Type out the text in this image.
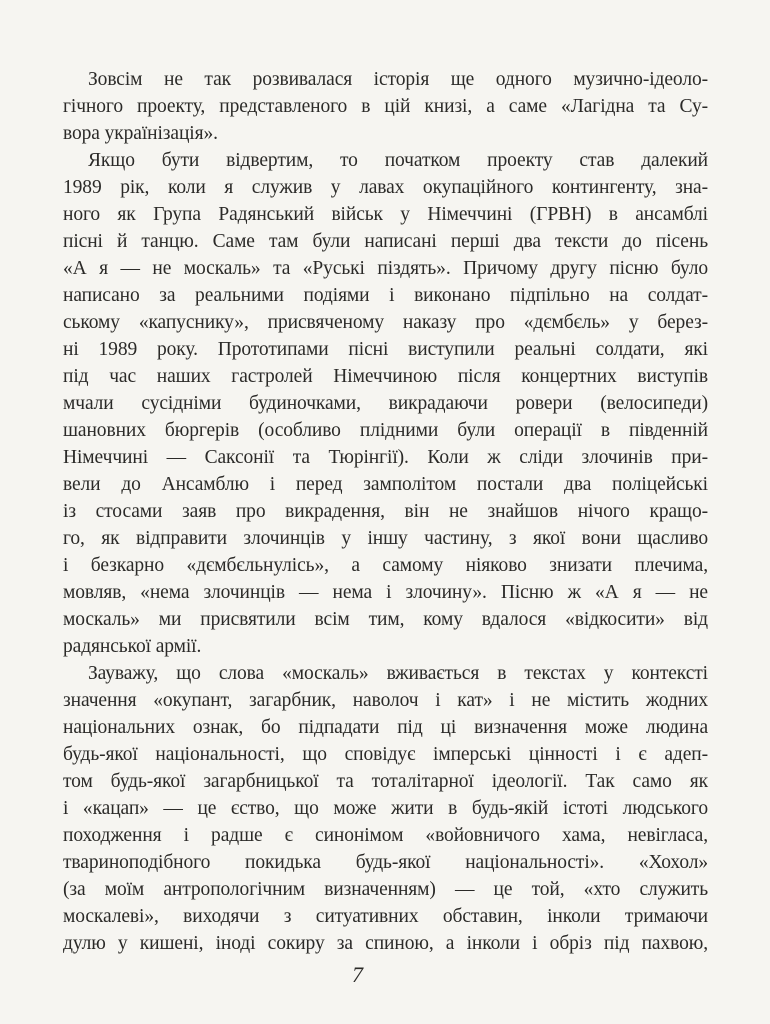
Зовсім не так розвивалася історія ще одного музично-ідеоло-
гічного проекту, представленого в цій книзі, а саме «Лагідна та Су-
вора українізація».
Якщо бути відвертим, то початком проекту став далекий
1989 рік, коли я служив у лавах окупаційного контингенту, зна-
ного як Група Радянський військ у Німеччині (ГРВН) в ансамблі
пісні й танцю. Саме там були написані перші два тексти до пісень
«А я — не москаль» та «Руські піздять». Причому другу пісню було
написано за реальними подіями і виконано підпільно на солдат-
ському «капуснику», присвяченому наказу про «дємбєль» у берез-
ні 1989 року. Прототипами пісні виступили реальні солдати, які
під час наших гастролей Німеччиною після концертних виступів
мчали сусідніми будиночками, викрадаючи ровери (велосипеди)
шановних бюргерів (особливо плідними були операції в південній
Німеччині — Саксонії та Тюрінгії). Коли ж сліди злочинів при-
вели до Ансамблю і перед замполітом постали два поліцейські
із стосами заяв про викрадення, він не знайшов нічого кращо-
го, як відправити злочинців у іншу частину, з якої вони щасливо
і безкарно «дємбєльнулісь», а самому ніяково знизати плечима,
мовляв, «нема злочинців — нема і злочину». Пісню ж «А я — не
москаль» ми присвятили всім тим, кому вдалося «відкосити» від
радянської армії.
Зауважу, що слова «москаль» вживається в текстах у контексті
значення «окупант, загарбник, наволоч і кат» і не містить жодних
національних ознак, бо підпадати під ці визначення може людина
будь-якої національності, що сповідує імперські цінності і є адеп-
том будь-якої загарбницької та тоталітарної ідеології. Так само як
і «кацап» — це єство, що може жити в будь-якій істоті людського
походження і радше є синонімом «войовничого хама, невігласа,
тваринoподібного покидька будь-якої національності». «Хохол»
(за моїм антропологічним визначенням) — це той, «хто служить
москалеві», виходячи з ситуативних обставин, інколи тримаючи
дулю у кишені, іноді сокиру за спиною, а інколи і обріз під пахвою,
7
